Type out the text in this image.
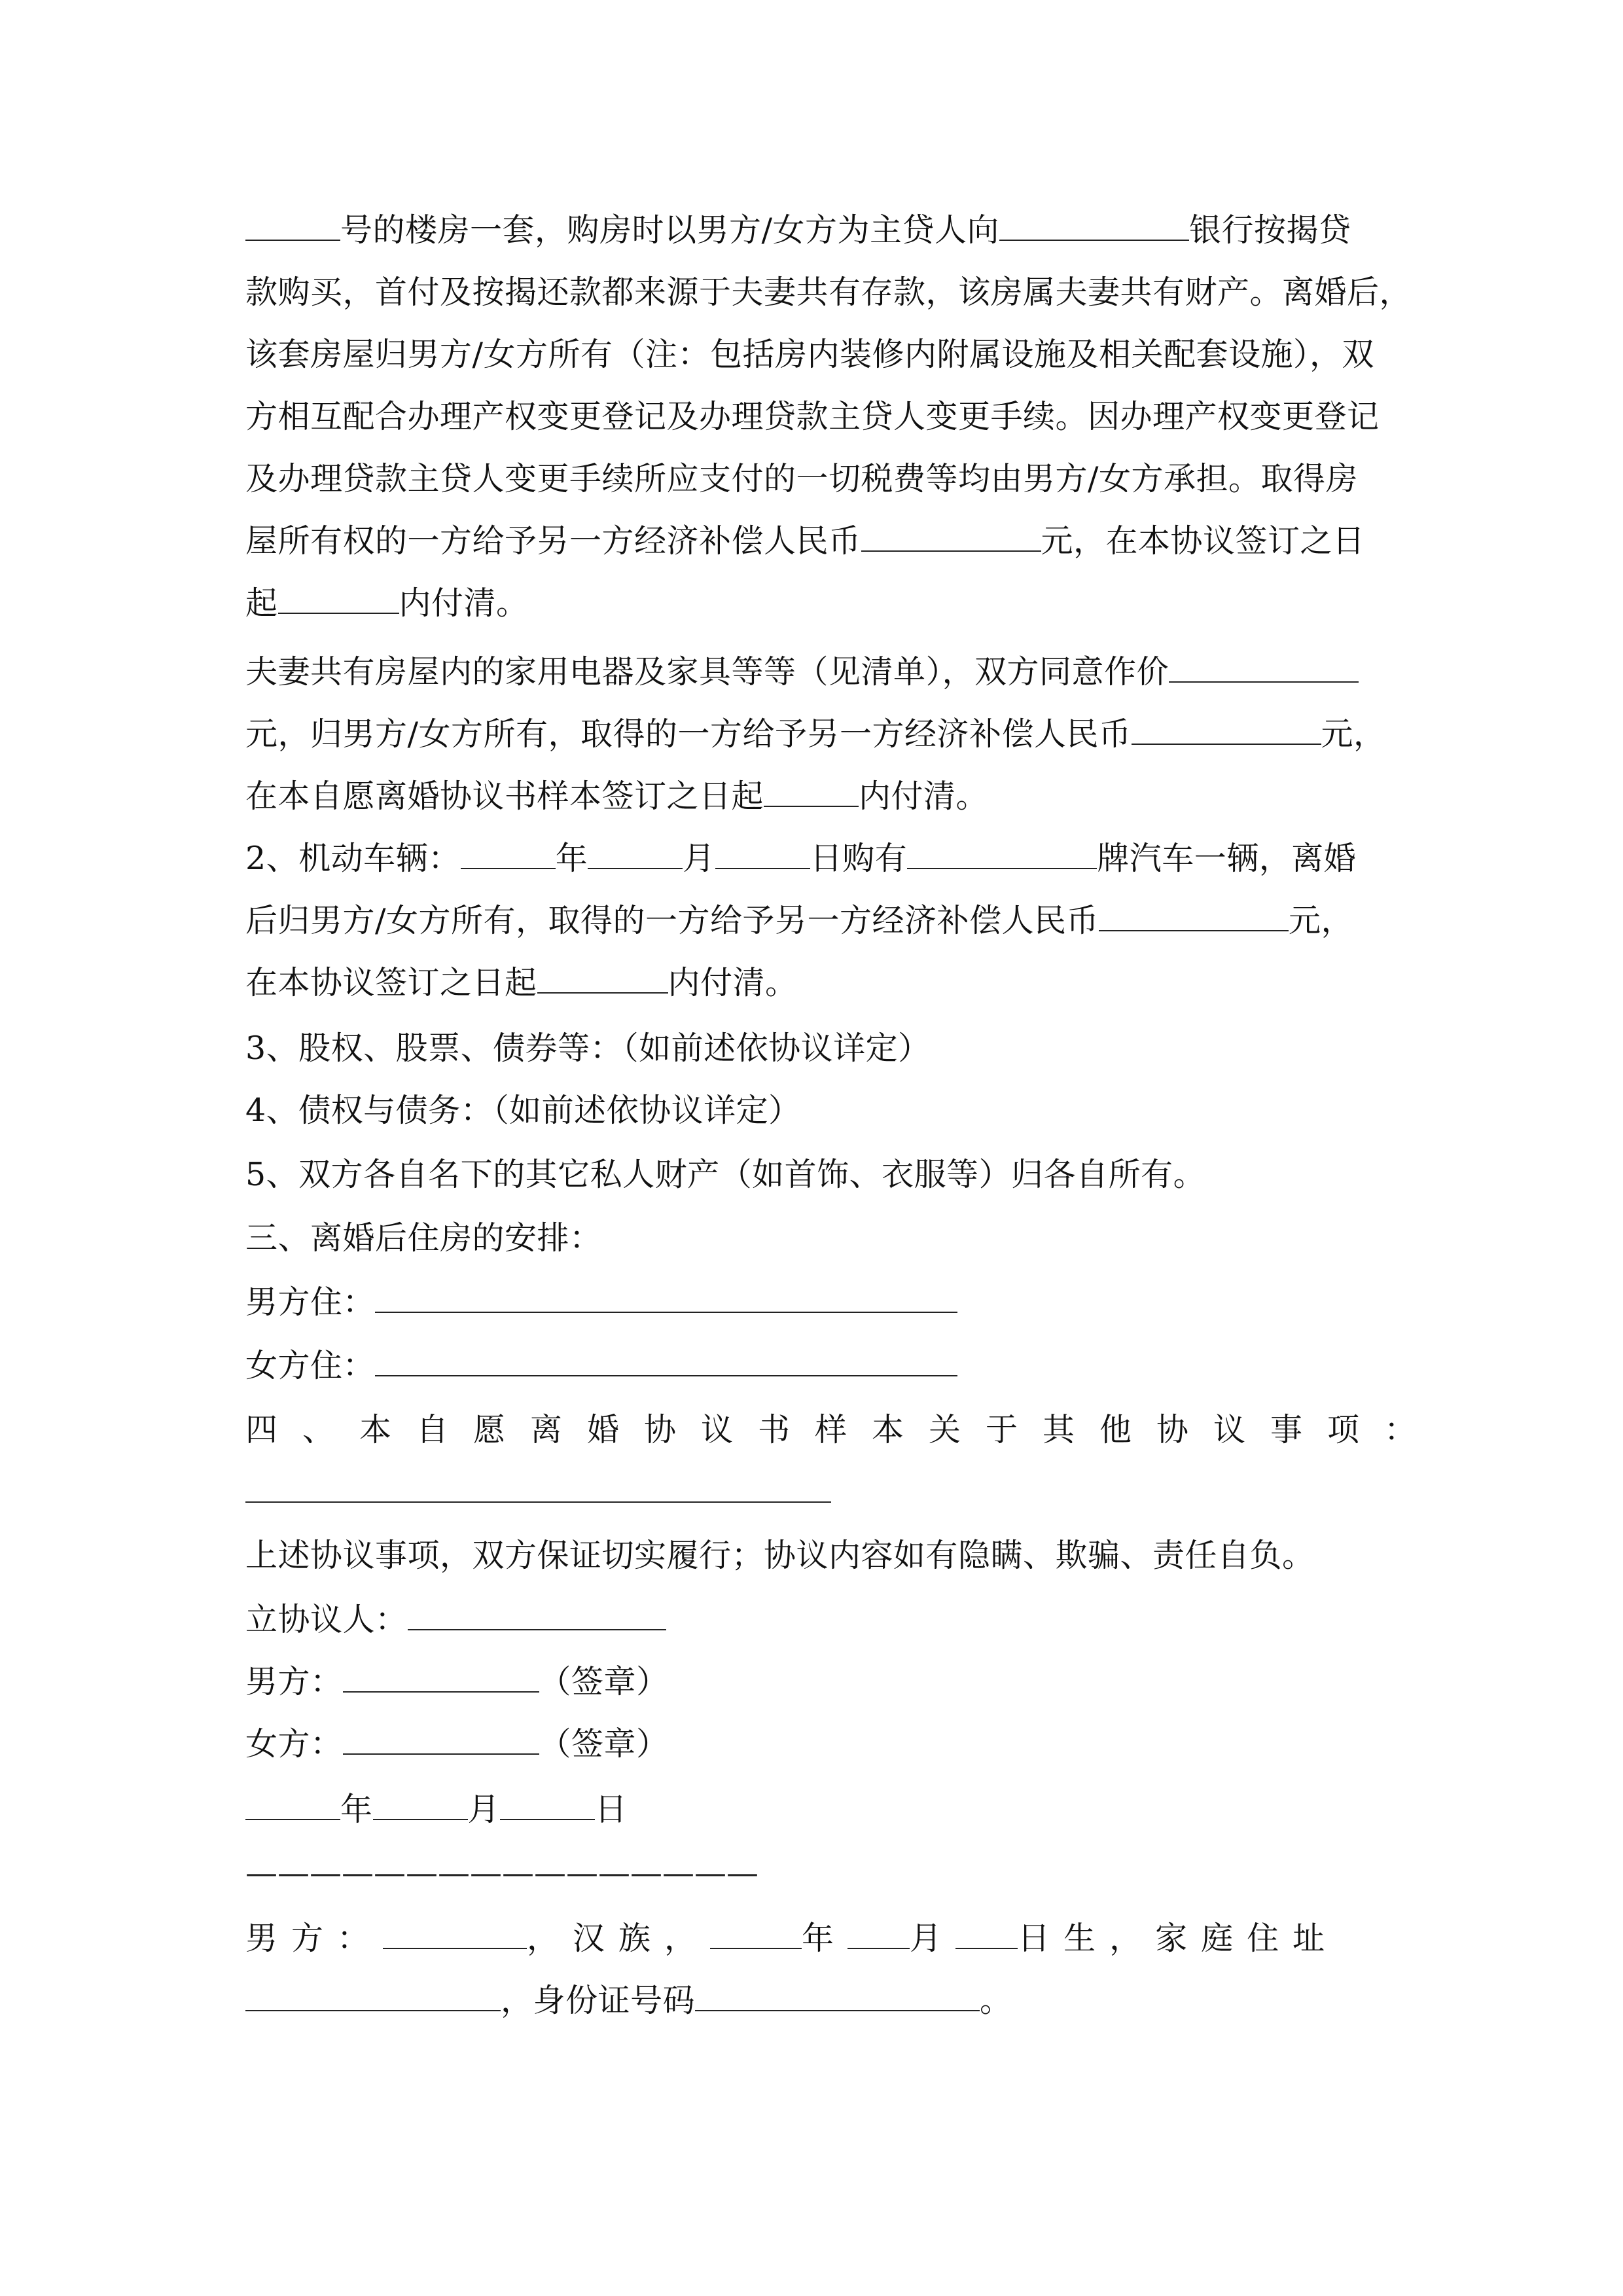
号的楼房一套，购房时以男方/女方为主贷人向	银行按揭贷
款购买，首付及按揭还款都来源于夫妻共有存款，该房属夫妻共有财产。离婚后，
该套房屋归男方/女方所有（注：包括房内装修内附属设施及相关配套设施），双
方相互配合办理产权变更登记及办理贷款主贷人变更手续。因办理产权变更登记
及办理贷款主贷人变更手续所应支付的一切税费等均由男方/女方承担。取得房
屋所有权的一方给予另一方经济补偿人民币	元，在本协议签订之日
起	内付清。
夫妻共有房屋内的家用电器及家具等等（见清单），双方同意作价
元，归男方/女方所有，取得的一方给予另一方经济补偿人民币	元，
在本自愿离婚协议书样本签订之日起	内付清。
2、机动车辆：	年	月	日购有	牌汽车一辆，离婚
后归男方/女方所有，取得的一方给予另一方经济补偿人民币	元，
在本协议签订之日起	内付清。
3、股权、股票、债券等：（如前述依协议详定）
4、债权与债务：（如前述依协议详定）
5、双方各自名下的其它私人财产（如首饰、衣服等）归各自所有。
三、离婚后住房的安排：
男方住：
女方住：
四、本自愿离婚协议书样本关于其他协议事项：
上述协议事项，双方保证切实履行；协议内容如有隐瞒、欺骗、责任自负。
立协议人：
男方：	（签章）
女方：	（签章）
年	月	日
————————————————
男方：	，汉族，	年 月 日生，家庭住址
，身份证号码	。
